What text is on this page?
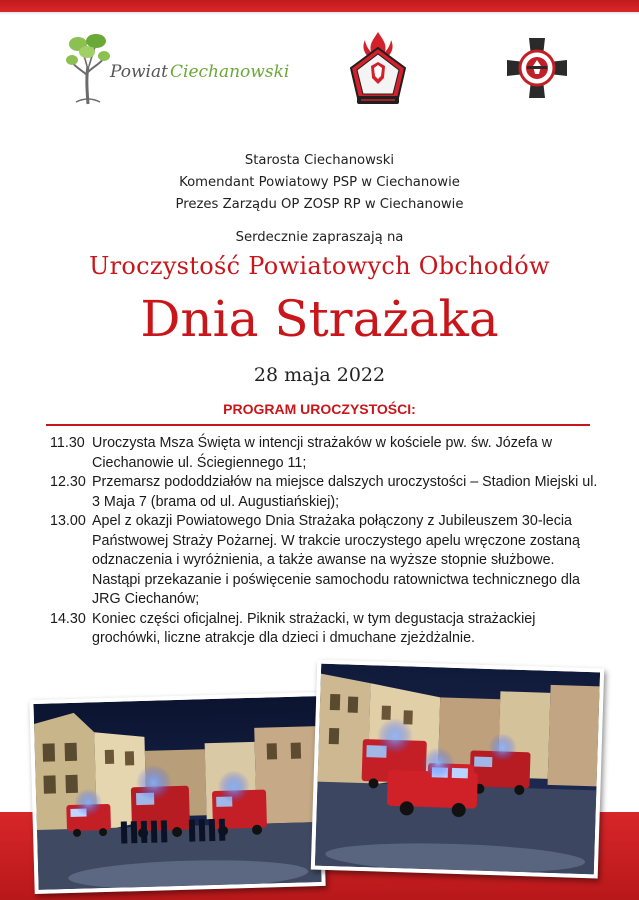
Powiat Ciechanowski
Starosta Ciechanowski
Komendant Powiatowy PSP w Ciechanowie
Prezes Zarządu OP ZOSP RP w Ciechanowie
Serdecznie zapraszają na
Uroczystość Powiatowych Obchodów
Dnia Strażaka
28 maja 2022
PROGRAM UROCZYSTOŚCI:
11.30 Uroczysta Msza Święta w intencji strażaków w kościele pw. św. Józefa w Ciechanowie ul. Ściegiennego 11;
12.30 Przemarsz pododdziałów na miejsce dalszych uroczystości – Stadion Miejski ul. 3 Maja 7 (brama od ul. Augustiańskiej);
13.00 Apel z okazji Powiatowego Dnia Strażaka połączony z Jubileuszem 30-lecia Państwowej Straży Pożarnej. W trakcie uroczystego apelu wręczone zostaną odznaczenia i wyróżnienia, a także awanse na wyższe stopnie służbowe. Nastąpi przekazanie i poświęcenie samochodu ratownictwa technicznego dla JRG Ciechanów;
14.30 Koniec części oficjalnej. Piknik strażacki, w tym degustacja strażackiej grochówki, liczne atrakcje dla dzieci i dmuchane zjeżdżalnie.
